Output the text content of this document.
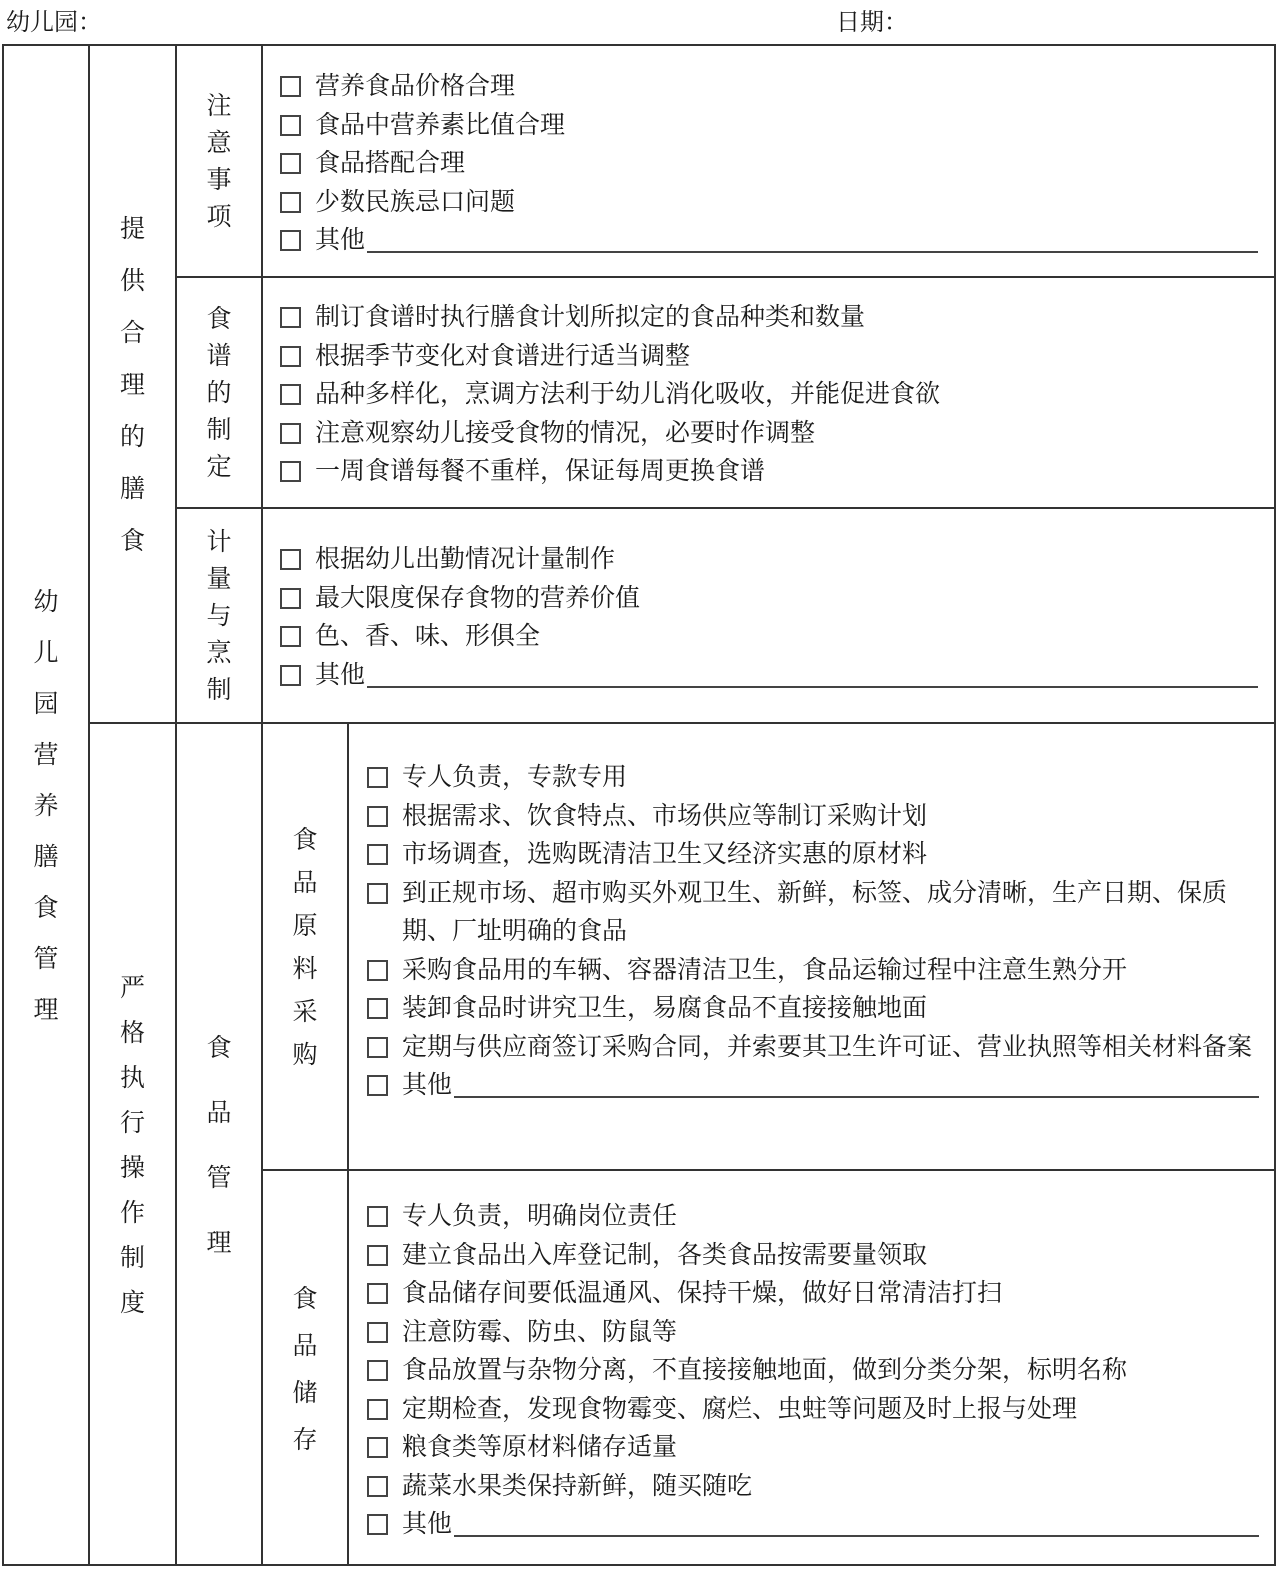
幼儿园：	日期：
幼
儿
园
营
养
膳
食
管
理
提
供
合
理
的
膳
食
注
意
事
项
食
谱
的
制
定
计
量
与
烹
制
严
格
执
行
操
作
制
度
食
品
管
理
食
品
原
料
采
购
食
品
储
存
营养食品价格合理
食品中营养素比值合理
食品搭配合理
少数民族忌口问题
其他
制订食谱时执行膳食计划所拟定的食品种类和数量
根据季节变化对食谱进行适当调整
品种多样化，烹调方法利于幼儿消化吸收，并能促进食欲
注意观察幼儿接受食物的情况，必要时作调整
一周食谱每餐不重样，保证每周更换食谱
根据幼儿出勤情况计量制作
最大限度保存食物的营养价值
色、香、味、形俱全
其他
专人负责，专款专用
根据需求、饮食特点、市场供应等制订采购计划
市场调查，选购既清洁卫生又经济实惠的原材料
到正规市场、超市购买外观卫生、新鲜，标签、成分清晰，生产日期、保质期、厂址明确的食品
采购食品用的车辆、容器清洁卫生，食品运输过程中注意生熟分开
装卸食品时讲究卫生，易腐食品不直接接触地面
定期与供应商签订采购合同，并索要其卫生许可证、营业执照等相关材料备案
其他
专人负责，明确岗位责任
建立食品出入库登记制，各类食品按需要量领取
食品储存间要低温通风、保持干燥，做好日常清洁打扫
注意防霉、防虫、防鼠等
食品放置与杂物分离，不直接接触地面，做到分类分架，标明名称
定期检查，发现食物霉变、腐烂、虫蛀等问题及时上报与处理
粮食类等原材料储存适量
蔬菜水果类保持新鲜，随买随吃
其他
